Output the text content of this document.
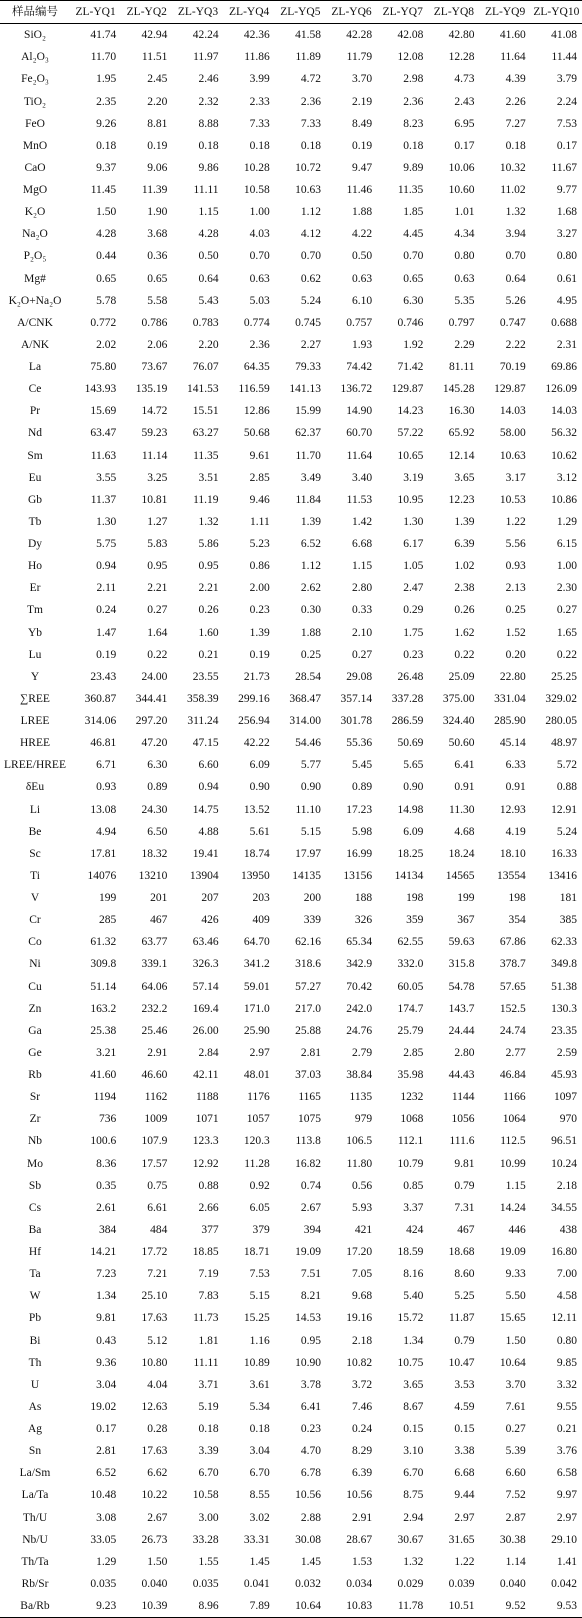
样品编号	ZL-YQ1	ZL-YQ2	ZL-YQ3	ZL-YQ4	ZL-YQ5	ZL-YQ6	ZL-YQ7	ZL-YQ8	ZL-YQ9	ZL-YQ10
SiO₂	41.74	42.94	42.24	42.36	41.58	42.28	42.08	42.80	41.60	41.08
Al₂O₃	11.70	11.51	11.97	11.86	11.89	11.79	12.08	12.28	11.64	11.44
Fe₂O₃	1.95	2.45	2.46	3.99	4.72	3.70	2.98	4.73	4.39	3.79
TiO₂	2.35	2.20	2.32	2.33	2.36	2.19	2.36	2.43	2.26	2.24
FeO	9.26	8.81	8.88	7.33	7.33	8.49	8.23	6.95	7.27	7.53
MnO	0.18	0.19	0.18	0.18	0.18	0.19	0.18	0.17	0.18	0.17
CaO	9.37	9.06	9.86	10.28	10.72	9.47	9.89	10.06	10.32	11.67
MgO	11.45	11.39	11.11	10.58	10.63	11.46	11.35	10.60	11.02	9.77
K₂O	1.50	1.90	1.15	1.00	1.12	1.88	1.85	1.01	1.32	1.68
Na₂O	4.28	3.68	4.28	4.03	4.12	4.22	4.45	4.34	3.94	3.27
P₂O₅	0.44	0.36	0.50	0.70	0.70	0.50	0.70	0.80	0.70	0.80
Mg#	0.65	0.65	0.64	0.63	0.62	0.63	0.65	0.63	0.64	0.61
K₂O+Na₂O	5.78	5.58	5.43	5.03	5.24	6.10	6.30	5.35	5.26	4.95
A/CNK	0.772	0.786	0.783	0.774	0.745	0.757	0.746	0.797	0.747	0.688
A/NK	2.02	2.06	2.20	2.36	2.27	1.93	1.92	2.29	2.22	2.31
La	75.80	73.67	76.07	64.35	79.33	74.42	71.42	81.11	70.19	69.86
Ce	143.93	135.19	141.53	116.59	141.13	136.72	129.87	145.28	129.87	126.09
Pr	15.69	14.72	15.51	12.86	15.99	14.90	14.23	16.30	14.03	14.03
Nd	63.47	59.23	63.27	50.68	62.37	60.70	57.22	65.92	58.00	56.32
Sm	11.63	11.14	11.35	9.61	11.70	11.64	10.65	12.14	10.63	10.62
Eu	3.55	3.25	3.51	2.85	3.49	3.40	3.19	3.65	3.17	3.12
Gb	11.37	10.81	11.19	9.46	11.84	11.53	10.95	12.23	10.53	10.86
Tb	1.30	1.27	1.32	1.11	1.39	1.42	1.30	1.39	1.22	1.29
Dy	5.75	5.83	5.86	5.23	6.52	6.68	6.17	6.39	5.56	6.15
Ho	0.94	0.95	0.95	0.86	1.12	1.15	1.05	1.02	0.93	1.00
Er	2.11	2.21	2.21	2.00	2.62	2.80	2.47	2.38	2.13	2.30
Tm	0.24	0.27	0.26	0.23	0.30	0.33	0.29	0.26	0.25	0.27
Yb	1.47	1.64	1.60	1.39	1.88	2.10	1.75	1.62	1.52	1.65
Lu	0.19	0.22	0.21	0.19	0.25	0.27	0.23	0.22	0.20	0.22
Y	23.43	24.00	23.55	21.73	28.54	29.08	26.48	25.09	22.80	25.25
∑REE	360.87	344.41	358.39	299.16	368.47	357.14	337.28	375.00	331.04	329.02
LREE	314.06	297.20	311.24	256.94	314.00	301.78	286.59	324.40	285.90	280.05
HREE	46.81	47.20	47.15	42.22	54.46	55.36	50.69	50.60	45.14	48.97
LREE/HREE	6.71	6.30	6.60	6.09	5.77	5.45	5.65	6.41	6.33	5.72
δEu	0.93	0.89	0.94	0.90	0.90	0.89	0.90	0.91	0.91	0.88
Li	13.08	24.30	14.75	13.52	11.10	17.23	14.98	11.30	12.93	12.91
Be	4.94	6.50	4.88	5.61	5.15	5.98	6.09	4.68	4.19	5.24
Sc	17.81	18.32	19.41	18.74	17.97	16.99	18.25	18.24	18.10	16.33
Ti	14076	13210	13904	13950	14135	13156	14134	14565	13554	13416
V	199	201	207	203	200	188	198	199	198	181
Cr	285	467	426	409	339	326	359	367	354	385
Co	61.32	63.77	63.46	64.70	62.16	65.34	62.55	59.63	67.86	62.33
Ni	309.8	339.1	326.3	341.2	318.6	342.9	332.0	315.8	378.7	349.8
Cu	51.14	64.06	57.14	59.01	57.27	70.42	60.05	54.78	57.65	51.38
Zn	163.2	232.2	169.4	171.0	217.0	242.0	174.7	143.7	152.5	130.3
Ga	25.38	25.46	26.00	25.90	25.88	24.76	25.79	24.44	24.74	23.35
Ge	3.21	2.91	2.84	2.97	2.81	2.79	2.85	2.80	2.77	2.59
Rb	41.60	46.60	42.11	48.01	37.03	38.84	35.98	44.43	46.84	45.93
Sr	1194	1162	1188	1176	1165	1135	1232	1144	1166	1097
Zr	736	1009	1071	1057	1075	979	1068	1056	1064	970
Nb	100.6	107.9	123.3	120.3	113.8	106.5	112.1	111.6	112.5	96.51
Mo	8.36	17.57	12.92	11.28	16.82	11.80	10.79	9.81	10.99	10.24
Sb	0.35	0.75	0.88	0.92	0.74	0.56	0.85	0.79	1.15	2.18
Cs	2.61	6.61	2.66	6.05	2.67	5.93	3.37	7.31	14.24	34.55
Ba	384	484	377	379	394	421	424	467	446	438
Hf	14.21	17.72	18.85	18.71	19.09	17.20	18.59	18.68	19.09	16.80
Ta	7.23	7.21	7.19	7.53	7.51	7.05	8.16	8.60	9.33	7.00
W	1.34	25.10	7.83	5.15	8.21	9.68	5.40	5.25	5.50	4.58
Pb	9.81	17.63	11.73	15.25	14.53	19.16	15.72	11.87	15.65	12.11
Bi	0.43	5.12	1.81	1.16	0.95	2.18	1.34	0.79	1.50	0.80
Th	9.36	10.80	11.11	10.89	10.90	10.82	10.75	10.47	10.64	9.85
U	3.04	4.04	3.71	3.61	3.78	3.72	3.65	3.53	3.70	3.32
As	19.02	12.63	5.19	5.34	6.41	7.46	8.67	4.59	7.61	9.55
Ag	0.17	0.28	0.18	0.18	0.23	0.24	0.15	0.15	0.27	0.21
Sn	2.81	17.63	3.39	3.04	4.70	8.29	3.10	3.38	5.39	3.76
La/Sm	6.52	6.62	6.70	6.70	6.78	6.39	6.70	6.68	6.60	6.58
La/Ta	10.48	10.22	10.58	8.55	10.56	10.56	8.75	9.44	7.52	9.97
Th/U	3.08	2.67	3.00	3.02	2.88	2.91	2.94	2.97	2.87	2.97
Nb/U	33.05	26.73	33.28	33.31	30.08	28.67	30.67	31.65	30.38	29.10
Th/Ta	1.29	1.50	1.55	1.45	1.45	1.53	1.32	1.22	1.14	1.41
Rb/Sr	0.035	0.040	0.035	0.041	0.032	0.034	0.029	0.039	0.040	0.042
Ba/Rb	9.23	10.39	8.96	7.89	10.64	10.83	11.78	10.51	9.52	9.53
